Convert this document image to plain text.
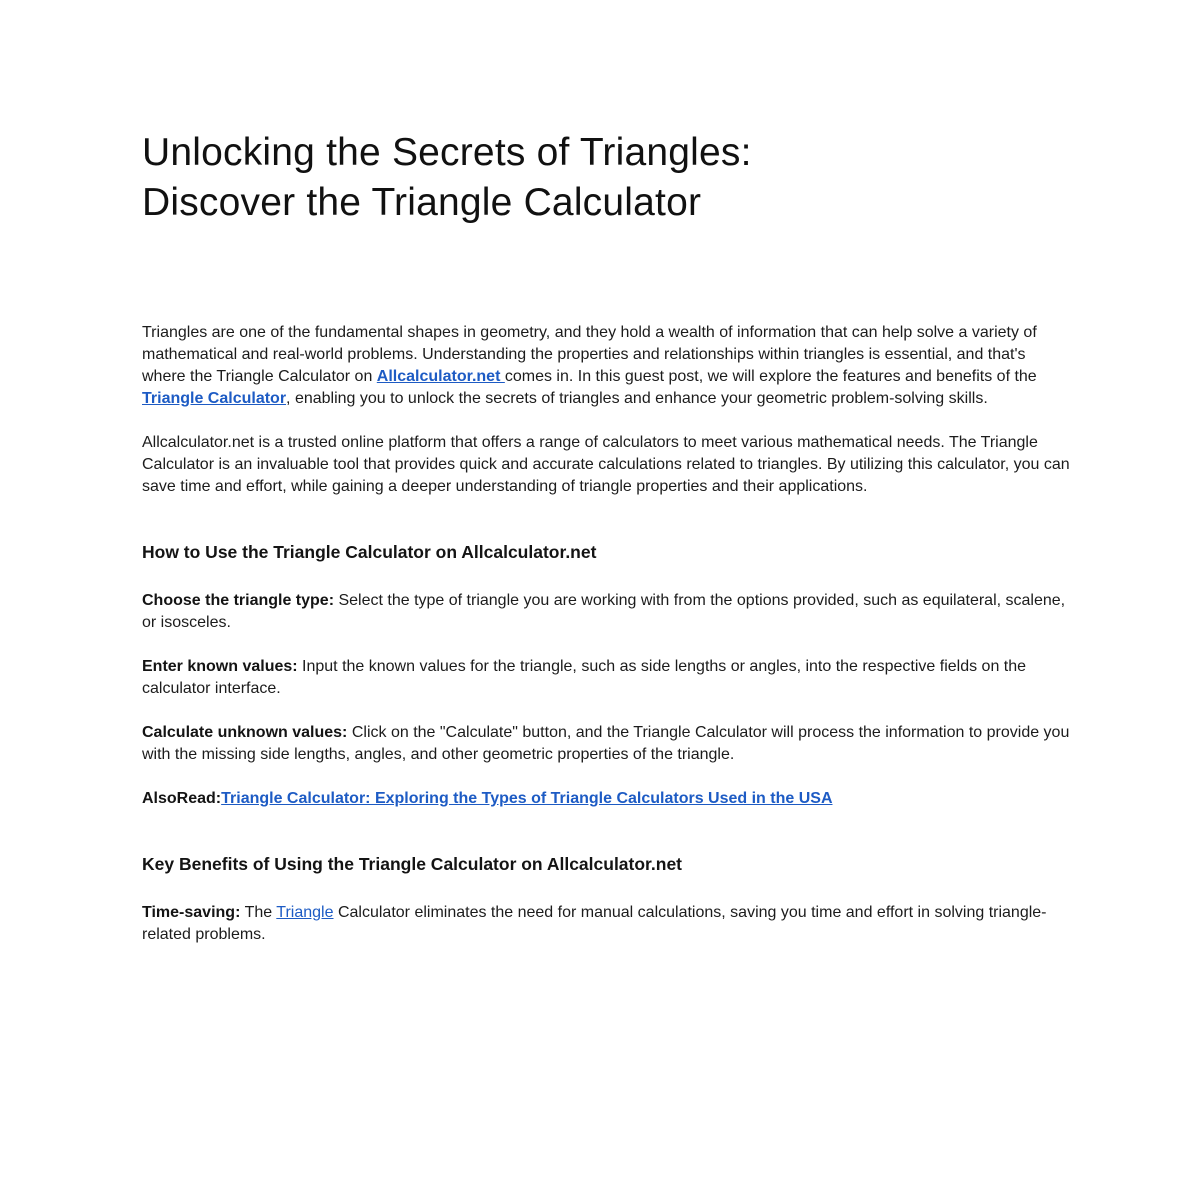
Unlocking the Secrets of Triangles:
Discover the Triangle Calculator

Triangles are one of the fundamental shapes in geometry, and they hold a wealth of information that can help solve a variety of mathematical and real-world problems. Understanding the properties and relationships within triangles is essential, and that's where the Triangle Calculator on Allcalculator.net comes in. In this guest post, we will explore the features and benefits of the Triangle Calculator, enabling you to unlock the secrets of triangles and enhance your geometric problem-solving skills.

Allcalculator.net is a trusted online platform that offers a range of calculators to meet various mathematical needs. The Triangle Calculator is an invaluable tool that provides quick and accurate calculations related to triangles. By utilizing this calculator, you can save time and effort, while gaining a deeper understanding of triangle properties and their applications.

How to Use the Triangle Calculator on Allcalculator.net

Choose the triangle type: Select the type of triangle you are working with from the options provided, such as equilateral, scalene, or isosceles.

Enter known values: Input the known values for the triangle, such as side lengths or angles, into the respective fields on the calculator interface.

Calculate unknown values: Click on the "Calculate" button, and the Triangle Calculator will process the information to provide you with the missing side lengths, angles, and other geometric properties of the triangle.

AlsoRead:Triangle Calculator: Exploring the Types of Triangle Calculators Used in the USA

Key Benefits of Using the Triangle Calculator on Allcalculator.net

Time-saving: The Triangle Calculator eliminates the need for manual calculations, saving you time and effort in solving triangle-related problems.
